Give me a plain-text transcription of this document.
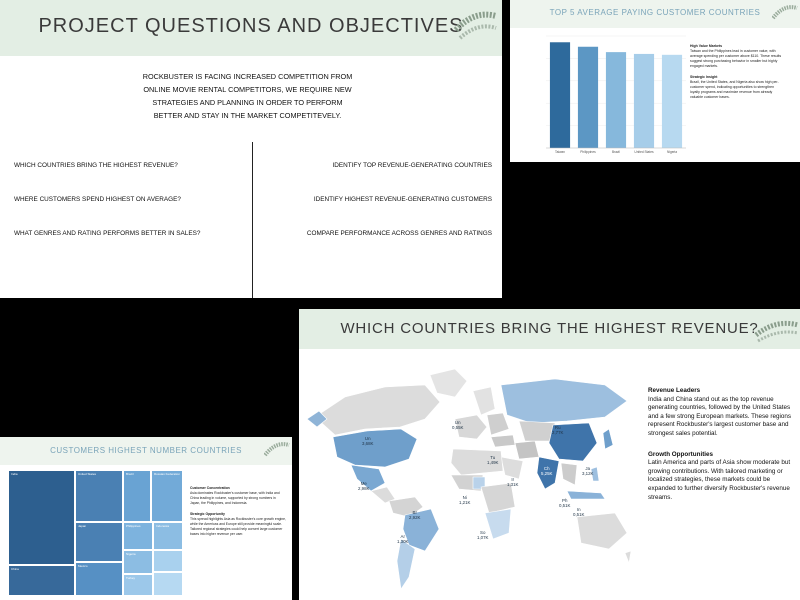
PROJECT QUESTIONS AND OBJECTIVES
ROCKBUSTER IS FACING INCREASED COMPETITION FROM
ONLINE MOVIE RENTAL COMPETITORS, WE REQUIRE NEW
STRATEGIES AND PLANNING IN ORDER TO PERFORM
BETTER AND STAY IN THE MARKET COMPETITEVELY.
WHICH COUNTRIES BRING THE HIGHEST REVENUE?
WHERE CUSTOMERS SPEND HIGHEST ON AVERAGE?
WHAT GENRES AND RATING PERFORMS BETTER IN SALES?
IDENTIFY TOP REVENUE-GENERATING COUNTRIES
IDENTIFY HIGHEST REVENUE-GENERATING CUSTOMERS
COMPARE PERFORMANCE ACROSS GENRES AND RATINGS
TOP 5 AVERAGE PAYING CUSTOMER COUNTRIES
Taiwan	Philippines	Brazil	United States	Nigeria

High Value Markets
Taiwan and the Philippines lead in customer value, with average spending per customer above $110. These results suggest strong purchasing behavior in smaller but highly engaged markets.

Strategic Insight
Brazil, the United States, and Nigeria also show high per-customer spend, indicating opportunities to strengthen loyalty programs and maximize revenue from already valuable customer bases.

CUSTOMERS HIGHEST NUMBER COUNTRIES
India
China
United States
Japan
Mexico
Brazil	Russian Federation
Philippines	Indonesia
Nigeria
Turkey

Customer Concentration
Asia dominates Rockbuster's customer base, with India and China leading in volume, supported by strong numbers in Japan, the Philippines, and Indonesia.

Strategic Opportunity
This spread highlights Asia as Rockbuster's core growth engine, while the Americas and Europe still provide meaningful scale. Tailored regional strategies could help convert large customer bases into higher revenue per user.

WHICH COUNTRIES BRING THE HIGHEST REVENUE?
Ru
2,77K
Un
3,68K
Un
0,55K
Me
2,98K
Br
2,92K
Ar
1,30K
So
1,07K
Ni
1,21K
Tu
1,49K
Ir
1,31K
Ch
5,25K
Ja
3,12K
In
5,25K
Ph
0,51K
In
0,51K

Revenue Leaders
India and China stand out as the top revenue generating countries, followed by the United States and a few strong European markets. These regions represent Rockbuster's largest customer base and strongest sales potential.

Growth Opportunities
Latin America and parts of Asia show moderate but growing contributions. With tailored marketing or localized strategies, these markets could be expanded to further diversify Rockbuster's revenue streams.
